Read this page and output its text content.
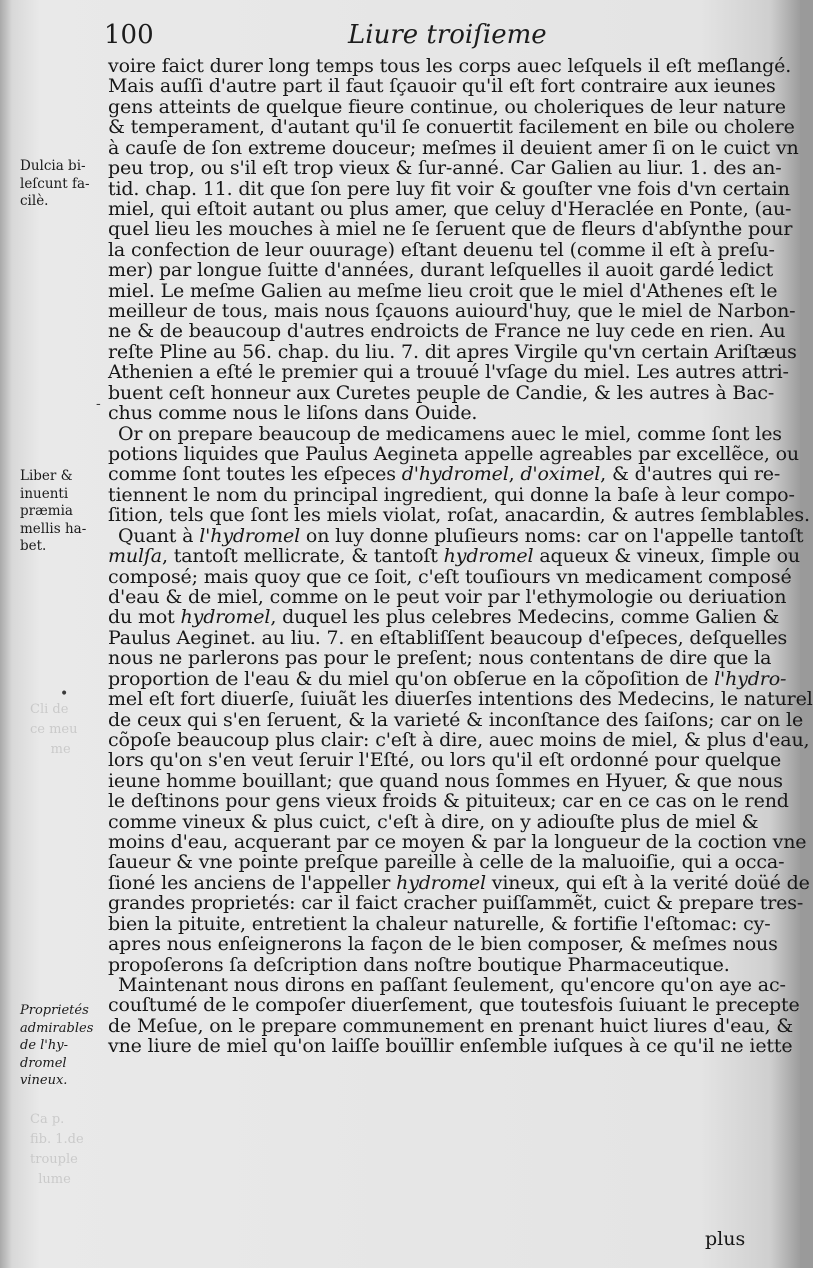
Cli de
ce meu
me
Ca p.
fib. 1.de
trouple
lume
100	Liure troiſieme
Dulcia bi-
leſcunt fa-
cilè.
Liber &
inuenti
præmia
mellis ha-
bet.
Proprietés
admirables
de l'hy-
dromel
vineux.
-
•
voire faict durer long temps tous les corps auec leſquels il eſt meſlangé.
Mais auſſi d'autre part il faut ſçauoir qu'il eſt fort contraire aux ieunes
gens atteints de quelque fieure continue, ou choleriques de leur nature
& temperament, d'autant qu'il ſe conuertit facilement en bile ou cholere
à cauſe de ſon extreme douceur; meſmes il deuient amer ſi on le cuict vn
peu trop, ou s'il eſt trop vieux & ſur-anné. Car Galien au liur. 1. des an-
tid. chap. 11. dit que ſon pere luy fit voir & gouſter vne fois d'vn certain
miel, qui eſtoit autant ou plus amer, que celuy d'Heraclée en Ponte, (au-
quel lieu les mouches à miel ne ſe ſeruent que de fleurs d'abſynthe pour
la confection de leur ouurage) eſtant deuenu tel (comme il eſt à preſu-
mer) par longue ſuitte d'années, durant leſquelles il auoit gardé ledict
miel. Le meſme Galien au meſme lieu croit que le miel d'Athenes eſt le
meilleur de tous, mais nous ſçauons auiourd'huy, que le miel de Narbon-
ne & de beaucoup d'autres endroicts de France ne luy cede en rien. Au
reſte Pline au 56. chap. du liu. 7. dit apres Virgile qu'vn certain Ariſtæus
Athenien a eſté le premier qui a trouué l'vſage du miel. Les autres attri-
buent ceſt honneur aux Curetes peuple de Candie, & les autres à Bac-
chus comme nous le liſons dans Ouide.
Or on prepare beaucoup de medicamens auec le miel, comme ſont les
potions liquides que Paulus Aegineta appelle agreables par excellẽce, ou
comme ſont toutes les eſpeces d'hydromel, d'oximel, & d'autres qui re-
tiennent le nom du principal ingredient, qui donne la baſe à leur compo-
ſition, tels que ſont les miels violat, roſat, anacardin, & autres ſemblables.
Quant à l'hydromel on luy donne pluſieurs noms: car on l'appelle tantoſt
mulſa, tantoſt mellicrate, & tantoſt hydromel aqueux & vineux, ſimple ou
composé; mais quoy que ce ſoit, c'eſt touſiours vn medicament composé
d'eau & de miel, comme on le peut voir par l'ethymologie ou deriuation
du mot hydromel, duquel les plus celebres Medecins, comme Galien &
Paulus Aeginet. au liu. 7. en eſtabliſſent beaucoup d'eſpeces, deſquelles
nous ne parlerons pas pour le preſent; nous contentans de dire que la
proportion de l'eau & du miel qu'on obſerue en la cõpoſition de l'hydro-
mel eſt fort diuerſe, ſuiuãt les diuerſes intentions des Medecins, le naturel
de ceux qui s'en ſeruent, & la varieté & inconſtance des ſaiſons; car on le
cõpoſe beaucoup plus clair: c'eſt à dire, auec moins de miel, & plus d'eau,
lors qu'on s'en veut ſeruir l'Eſté, ou lors qu'il eſt ordonné pour quelque
ieune homme bouillant; que quand nous ſommes en Hyuer, & que nous
le deſtinons pour gens vieux froids & pituiteux; car en ce cas on le rend
comme vineux & plus cuict, c'eſt à dire, on y adiouſte plus de miel &
moins d'eau, acquerant par ce moyen & par la longueur de la coction vne
ſaueur & vne pointe preſque pareille à celle de la maluoiſie, qui a occa-
ſioné les anciens de l'appeller hydromel vineux, qui eſt à la verité doüé de
grandes proprietés: car il faict cracher puiſſammẽt, cuict & prepare tres-
bien la pituite, entretient la chaleur naturelle, & fortifie l'eſtomac: cy-
apres nous enſeignerons la façon de le bien composer, & meſmes nous
propoſerons ſa deſcription dans noſtre boutique Pharmaceutique.
Maintenant nous dirons en paſſant ſeulement, qu'encore qu'on aye ac-
couſtumé de le compoſer diuerſement, que toutesfois ſuiuant le precepte
de Meſue, on le prepare communement en prenant huict liures d'eau, &
vne liure de miel qu'on laiſſe bouïllir enſemble iuſques à ce qu'il ne iette
plus
